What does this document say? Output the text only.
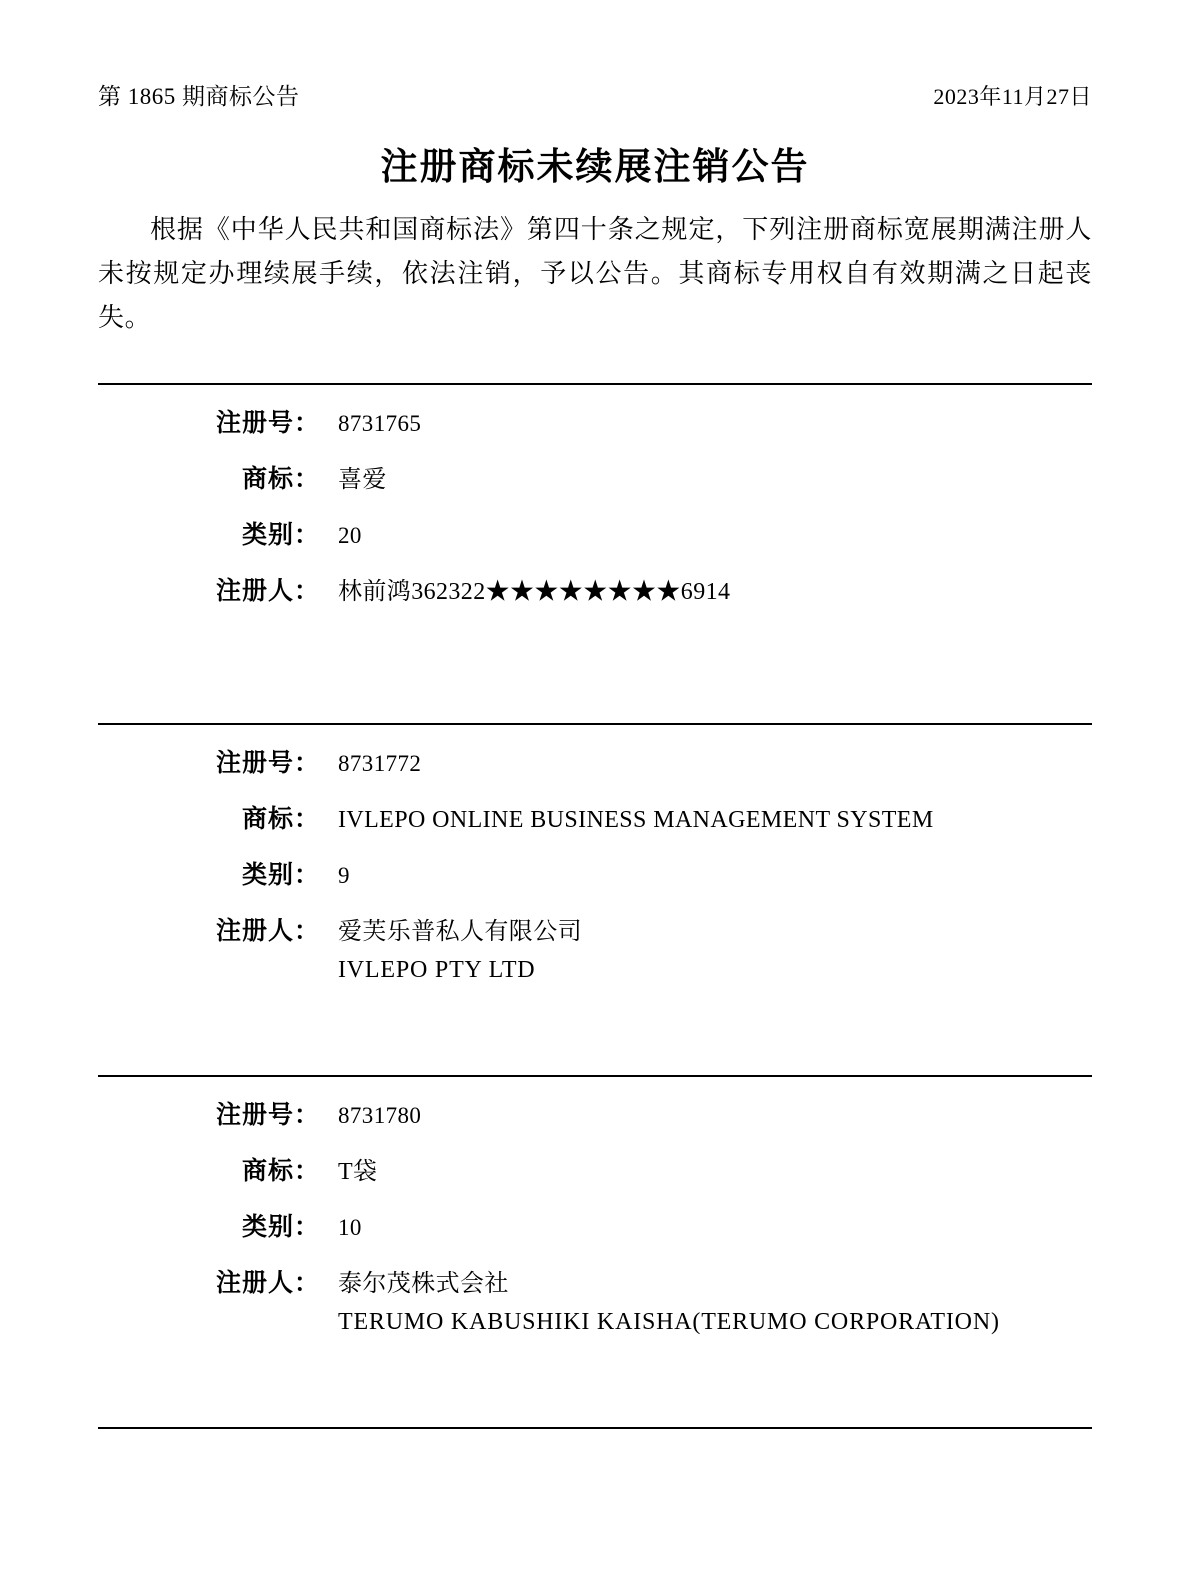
第 1865 期商标公告	2023年11月27日
注册商标未续展注销公告
根据《中华人民共和国商标法》第四十条之规定，下列注册商标宽展期满注册人未按规定办理续展手续，依法注销，予以公告。其商标专用权自有效期满之日起丧失。
注册号： 8731765
商标： 喜爱
类别： 20
注册人： 林前鸿362322★★★★★★★★6914
注册号： 8731772
商标： IVLEPO ONLINE BUSINESS MANAGEMENT SYSTEM
类别： 9
注册人： 爱芙乐普私人有限公司
IVLEPO PTY LTD
注册号： 8731780
商标： T袋
类别： 10
注册人： 泰尔茂株式会社
TERUMO KABUSHIKI KAISHA(TERUMO CORPORATION)
